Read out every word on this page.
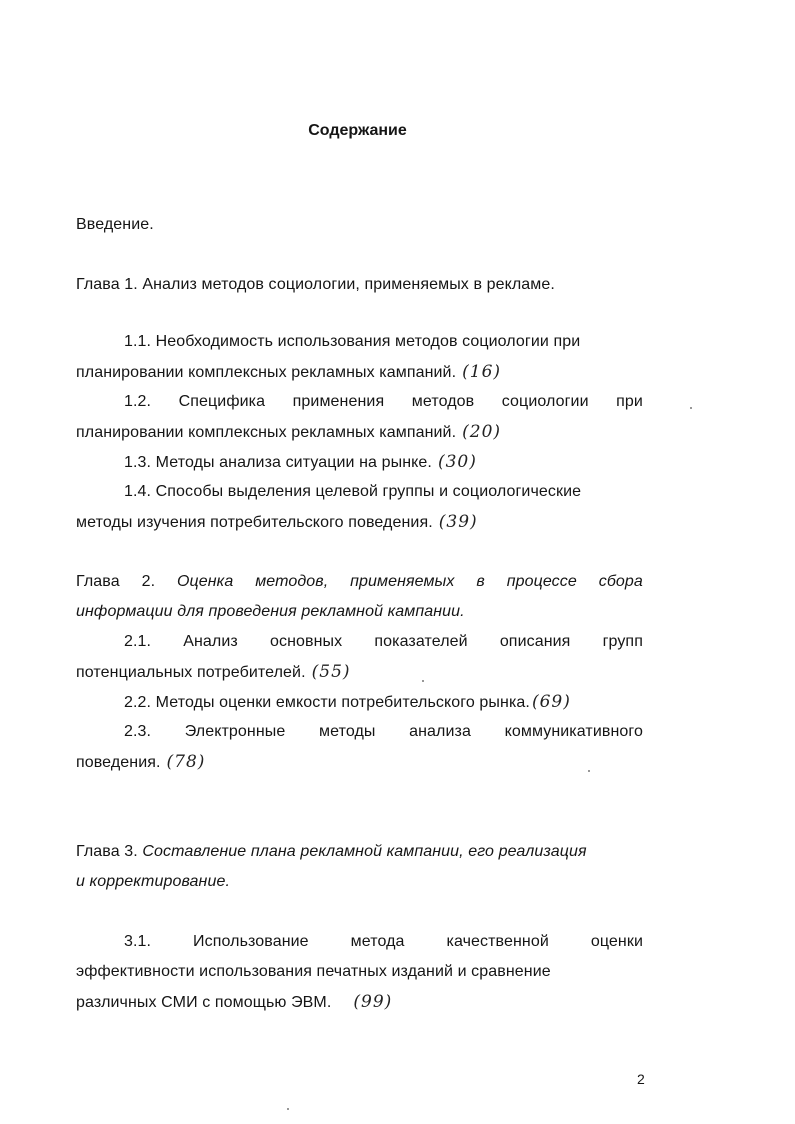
Содержание
Введение.
Глава 1. Анализ методов социологии, применяемых в рекламе.
1.1. Необходимость использования методов социологии при
планировании комплексных рекламных кампаний. (16)
1.2. Специфика применения методов социологии при
планировании комплексных рекламных кампаний. (20)
1.3. Методы анализа ситуации на рынке. (30)
1.4. Способы выделения целевой группы и социологические
методы изучения потребительского поведения. (39)
Глава 2. Оценка методов, применяемых в процессе сбора
информации для проведения рекламной кампании.
2.1. Анализ основных показателей описания групп
потенциальных потребителей. (55)
2.2. Методы оценки емкости потребительского рынка. (69)
2.3. Электронные методы анализа коммуникативного
поведения. (78)
Глава 3. Составление плана рекламной кампании, его реализация
и корректирование.
3.1.	Использование	метода	качественной	оценки
эффективности использования печатных изданий и сравнение
различных СМИ с помощью ЭВМ. (99)
2
